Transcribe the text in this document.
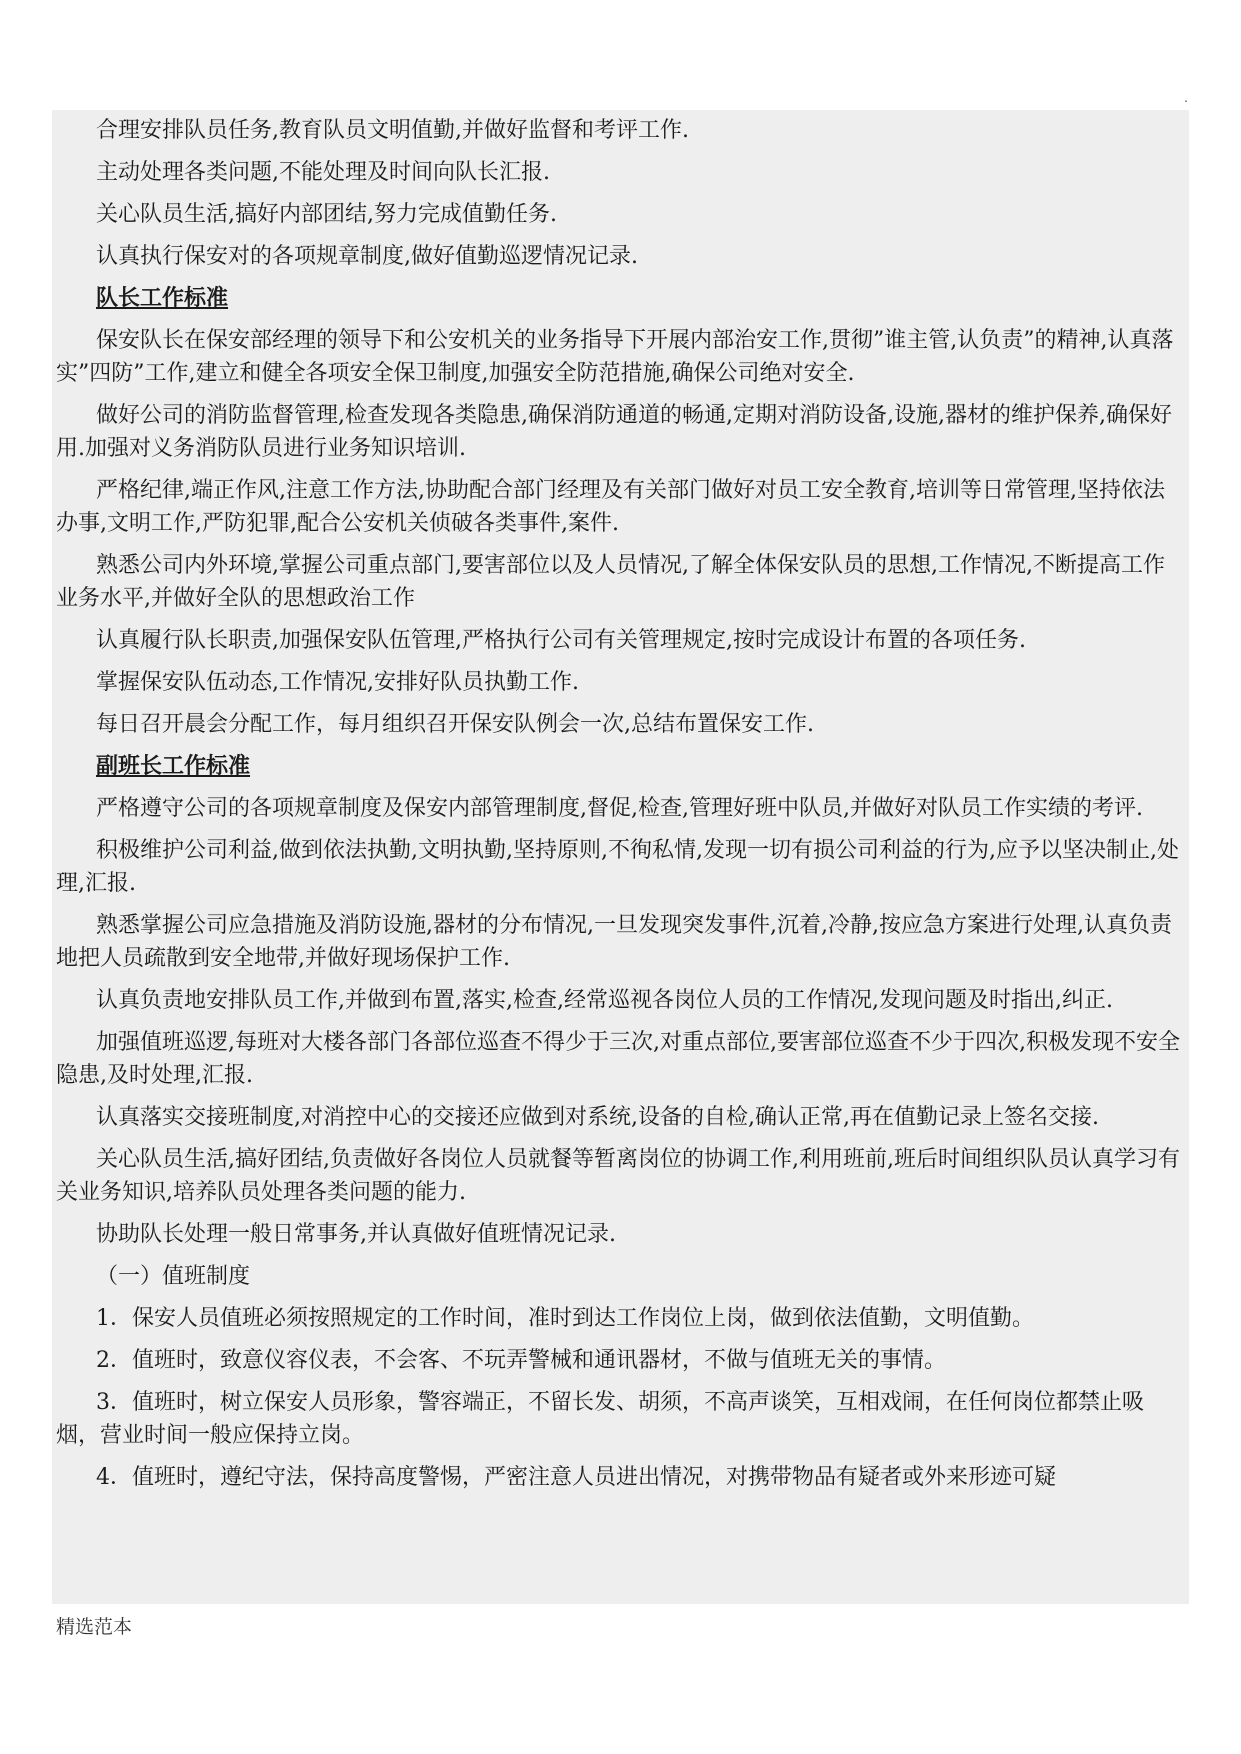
.
合理安排队员任务,教育队员文明值勤,并做好监督和考评工作.
主动处理各类问题,不能处理及时间向队长汇报.
关心队员生活,搞好内部团结,努力完成值勤任务.
认真执行保安对的各项规章制度,做好值勤巡逻情况记录.
队长工作标准
保安队长在保安部经理的领导下和公安机关的业务指导下开展内部治安工作,贯彻”谁主管,认负责”的精神,认真落实”四防”工作,建立和健全各项安全保卫制度,加强安全防范措施,确保公司绝对安全.
做好公司的消防监督管理,检查发现各类隐患,确保消防通道的畅通,定期对消防设备,设施,器材的维护保养,确保好用.加强对义务消防队员进行业务知识培训.
严格纪律,端正作风,注意工作方法,协助配合部门经理及有关部门做好对员工安全教育,培训等日常管理,坚持依法办事,文明工作,严防犯罪,配合公安机关侦破各类事件,案件.
熟悉公司内外环境,掌握公司重点部门,要害部位以及人员情况,了解全体保安队员的思想,工作情况,不断提高工作业务水平,并做好全队的思想政治工作
认真履行队长职责,加强保安队伍管理,严格执行公司有关管理规定,按时完成设计布置的各项任务.
掌握保安队伍动态,工作情况,安排好队员执勤工作.
每日召开晨会分配工作，每月组织召开保安队例会一次,总结布置保安工作.
副班长工作标准
严格遵守公司的各项规章制度及保安内部管理制度,督促,检查,管理好班中队员,并做好对队员工作实绩的考评.
积极维护公司利益,做到依法执勤,文明执勤,坚持原则,不徇私情,发现一切有损公司利益的行为,应予以坚决制止,处理,汇报.
熟悉掌握公司应急措施及消防设施,器材的分布情况,一旦发现突发事件,沉着,冷静,按应急方案进行处理,认真负责地把人员疏散到安全地带,并做好现场保护工作.
认真负责地安排队员工作,并做到布置,落实,检查,经常巡视各岗位人员的工作情况,发现问题及时指出,纠正.
加强值班巡逻,每班对大楼各部门各部位巡查不得少于三次,对重点部位,要害部位巡查不少于四次,积极发现不安全隐患,及时处理,汇报.
认真落实交接班制度,对消控中心的交接还应做到对系统,设备的自检,确认正常,再在值勤记录上签名交接.
关心队员生活,搞好团结,负责做好各岗位人员就餐等暂离岗位的协调工作,利用班前,班后时间组织队员认真学习有关业务知识,培养队员处理各类问题的能力.
协助队长处理一般日常事务,并认真做好值班情况记录.
（一）值班制度
1．保安人员值班必须按照规定的工作时间，准时到达工作岗位上岗，做到依法值勤，文明值勤。
2．值班时，致意仪容仪表，不会客、不玩弄警械和通讯器材，不做与值班无关的事情。
3．值班时，树立保安人员形象，警容端正，不留长发、胡须，不高声谈笑，互相戏闹，在任何岗位都禁止吸烟，营业时间一般应保持立岗。
4．值班时，遵纪守法，保持高度警惕，严密注意人员进出情况，对携带物品有疑者或外来形迹可疑
精选范本
